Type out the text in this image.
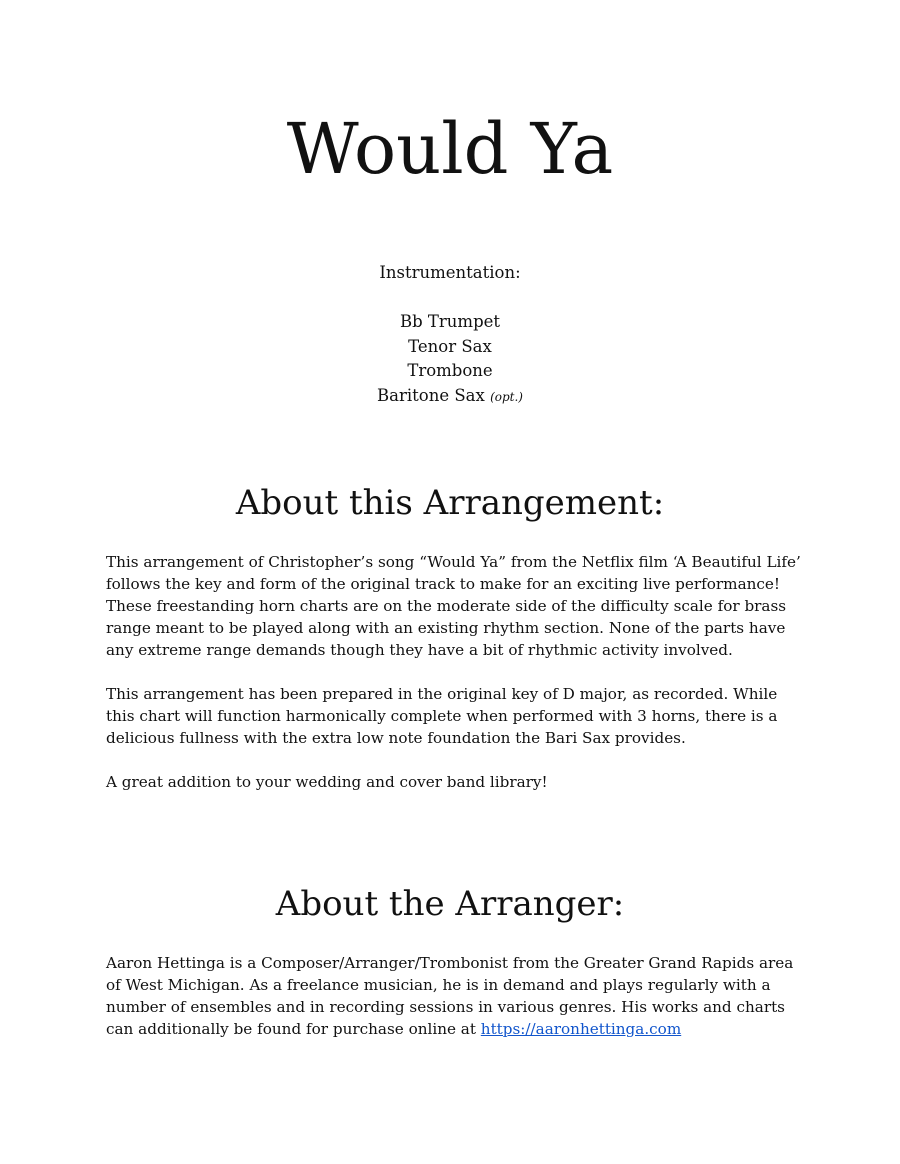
Would Ya

Instrumentation:

Bb Trumpet
Tenor Sax
Trombone
Baritone Sax (opt.)
About this Arrangement:

This arrangement of Christopher’s song “Would Ya” from the Netflix film ‘A Beautiful Life’ follows the key and form of the original track to make for an exciting live performance! These freestanding horn charts are on the moderate side of the difficulty scale for brass range meant to be played along with an existing rhythm section. None of the parts have any extreme range demands though they have a bit of rhythmic activity involved.

This arrangement has been prepared in the original key of D major, as recorded. While this chart will function harmonically complete when performed with 3 horns, there is a delicious fullness with the extra low note foundation the Bari Sax provides.

A great addition to your wedding and cover band library!

About the Arranger:

Aaron Hettinga is a Composer/Arranger/Trombonist from the Greater Grand Rapids area of West Michigan. As a freelance musician, he is in demand and plays regularly with a number of ensembles and in recording sessions in various genres. His works and charts can additionally be found for purchase online at https://aaronhettinga.com
